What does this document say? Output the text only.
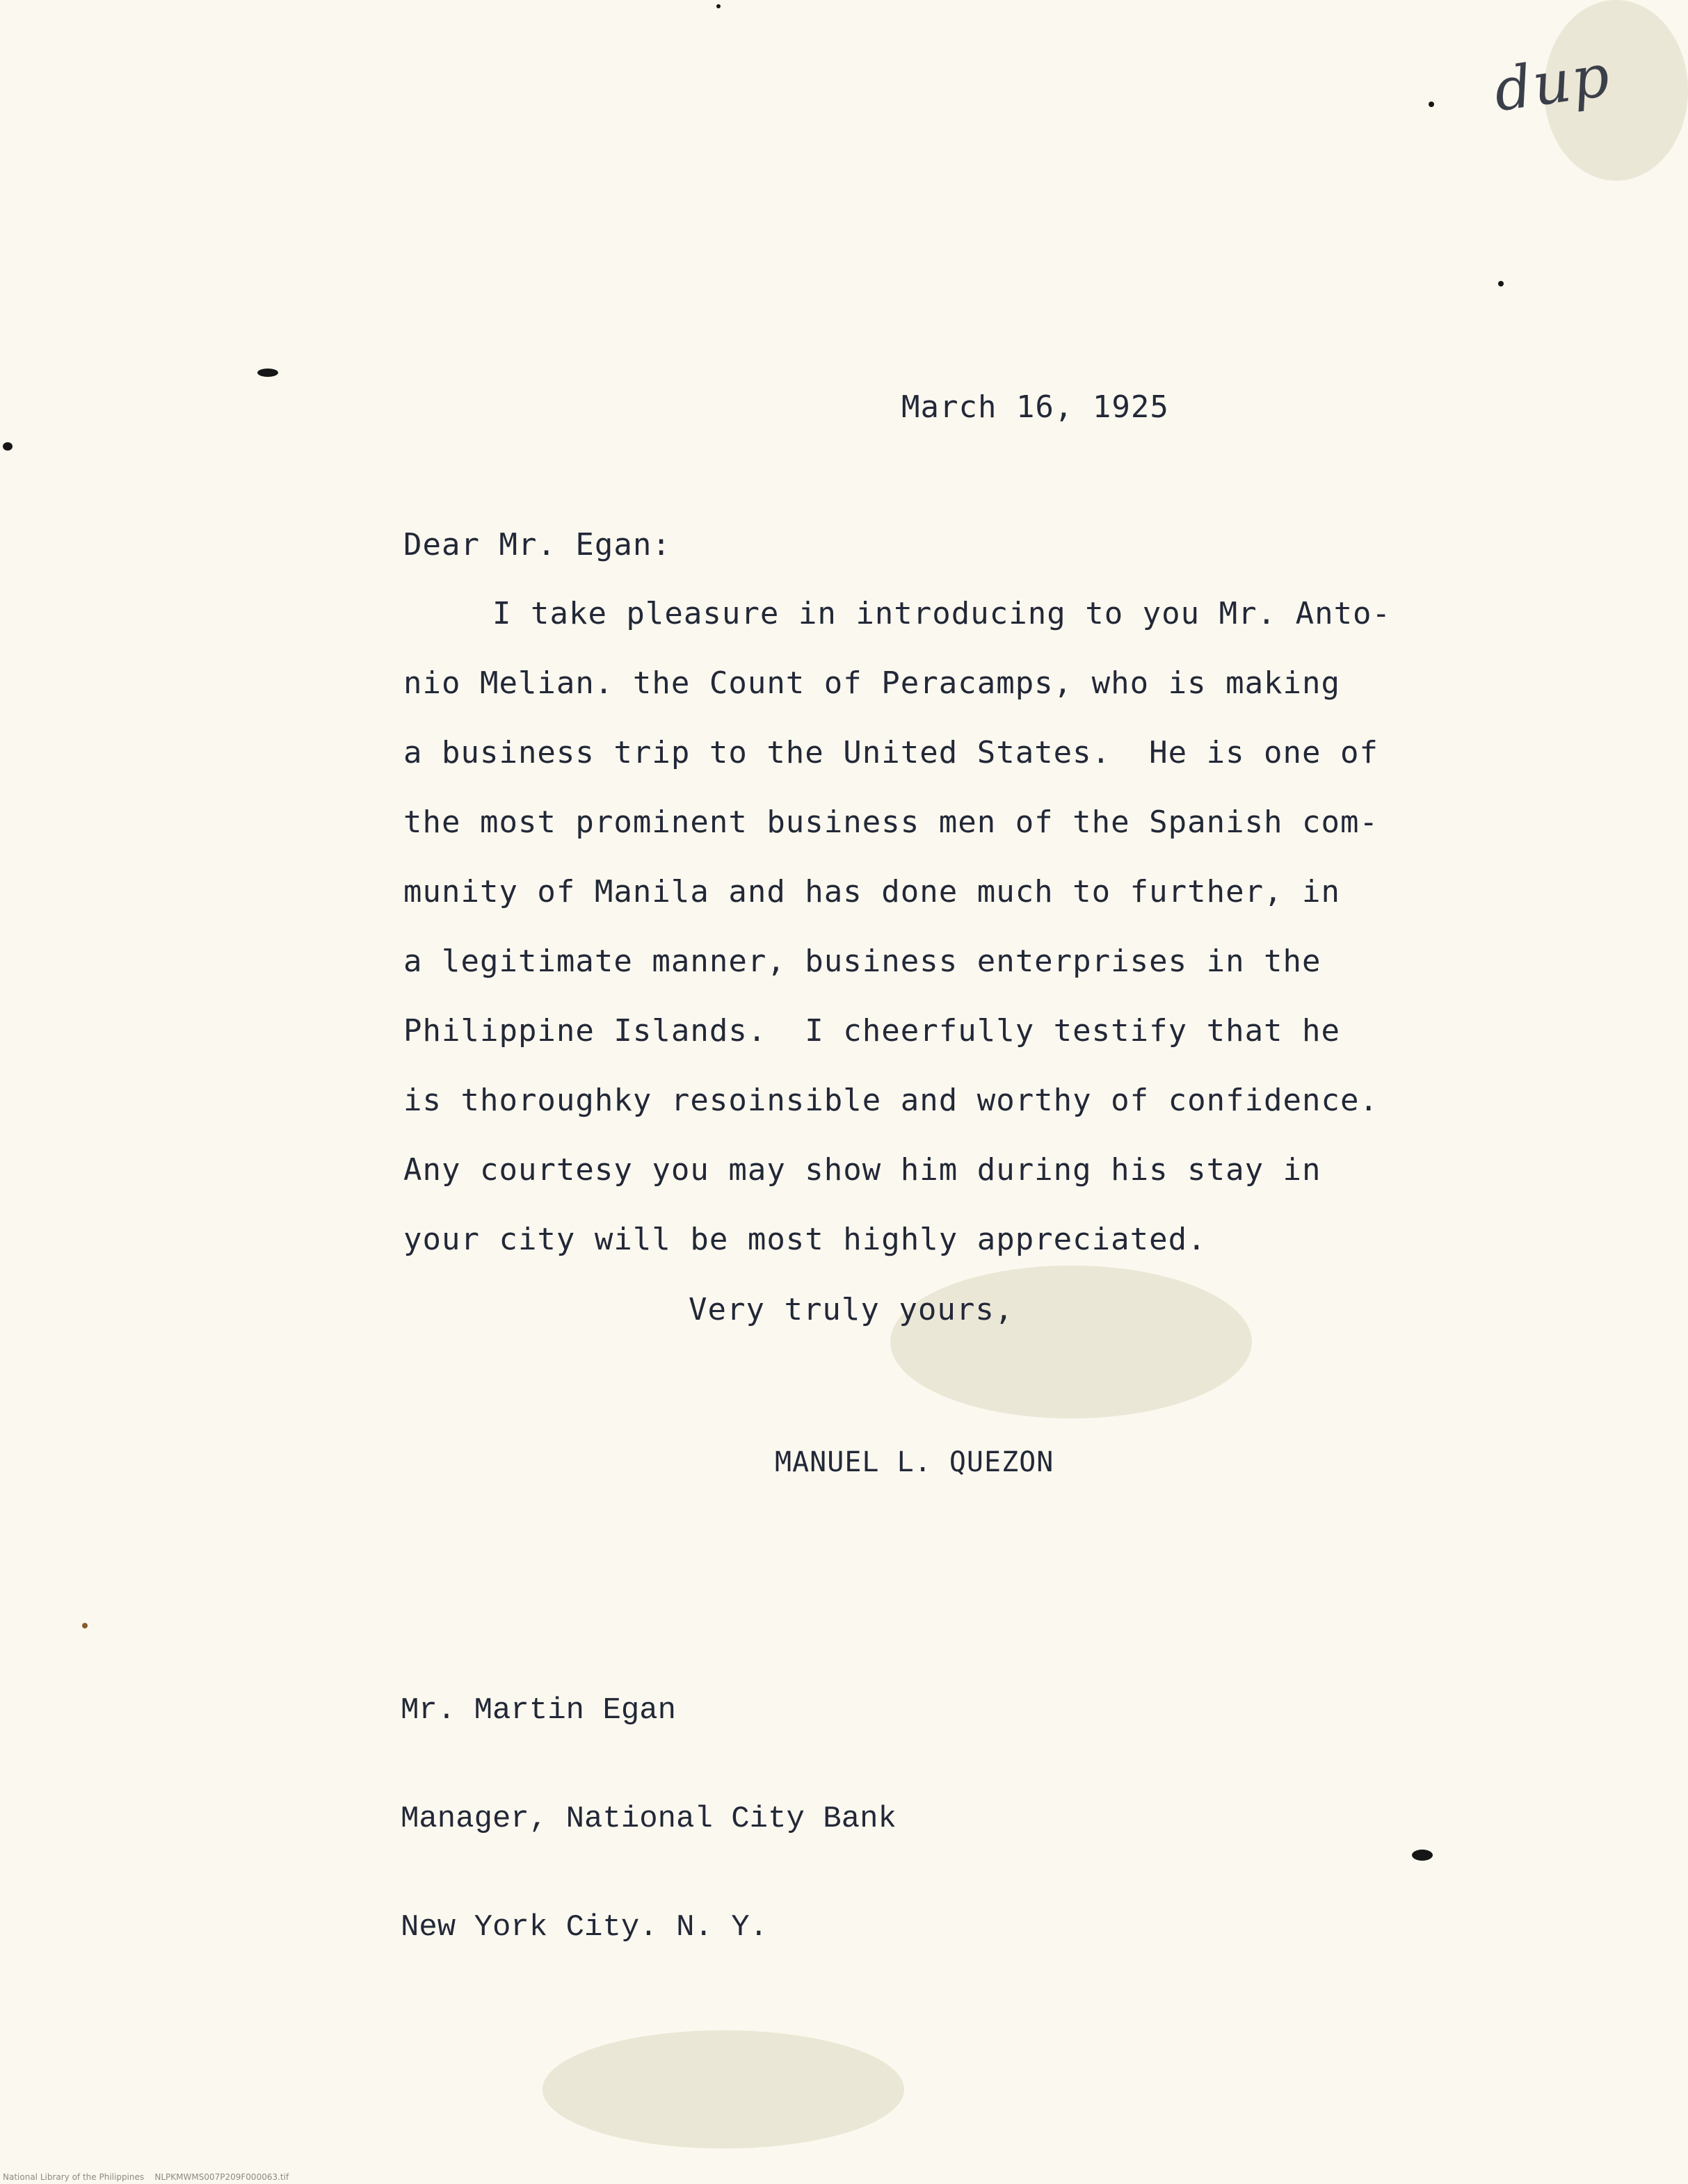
dup
March 16, 1925
Dear Mr. Egan:
I take pleasure in introducing to you Mr. Anto-
nio Melian. the Count of Peracamps, who is making
a business trip to the United States.  He is one of
the most prominent business men of the Spanish com-
munity of Manila and has done much to further, in
a legitimate manner, business enterprises in the
Philippine Islands.  I cheerfully testify that he
is thoroughky resoinsible and worthy of confidence.
Any courtesy you may show him during his stay in
your city will be most highly appreciated.
Very truly yours,
MANUEL L. QUEZON

Mr. Martin Egan

Manager, National City Bank

New York City. N. Y.

National Library of the Philippines    NLPKMWMS007P209F000063.tif
